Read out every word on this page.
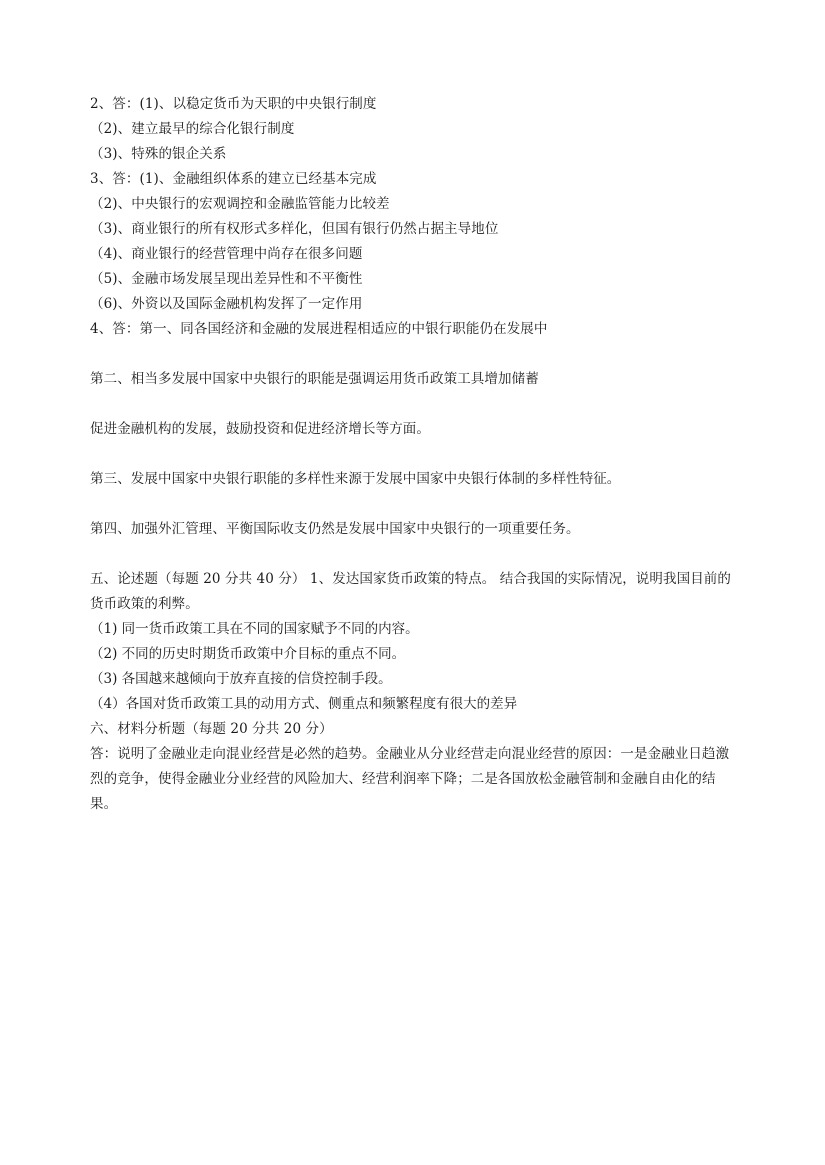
2、答：(1)、以稳定货币为天职的中央银行制度
（2)、建立最早的综合化银行制度
（3)、特殊的银企关系
3、答：(1)、金融组织体系的建立已经基本完成
（2)、中央银行的宏观调控和金融监管能力比较差
（3)、商业银行的所有权形式多样化，但国有银行仍然占据主导地位
（4)、商业银行的经营管理中尚存在很多问题
（5)、金融市场发展呈现出差异性和不平衡性
（6)、外资以及国际金融机构发挥了一定作用
4、答：第一、同各国经济和金融的发展进程相适应的中银行职能仍在发展中
第二、相当多发展中国家中央银行的职能是强调运用货币政策工具增加储蓄
促进金融机构的发展，鼓励投资和促进经济增长等方面。
第三、发展中国家中央银行职能的多样性来源于发展中国家中央银行体制的多样性特征。
第四、加强外汇管理、平衡国际收支仍然是发展中国家中央银行的一项重要任务。
五、论述题（每题 20 分共 40 分） 1、发达国家货币政策的特点。 结合我国的实际情况，说明我国目前的货币政策的利弊。
（1) 同一货币政策工具在不同的国家赋予不同的内容。
（2) 不同的历史时期货币政策中介目标的重点不同。
（3) 各国越来越倾向于放弃直接的信贷控制手段。
（4）各国对货币政策工具的动用方式、侧重点和频繁程度有很大的差异
六、材料分析题（每题 20 分共 20 分）
答：说明了金融业走向混业经营是必然的趋势。金融业从分业经营走向混业经营的原因：一是金融业日趋激烈的竞争，使得金融业分业经营的风险加大、经营利润率下降；二是各国放松金融管制和金融自由化的结果。
